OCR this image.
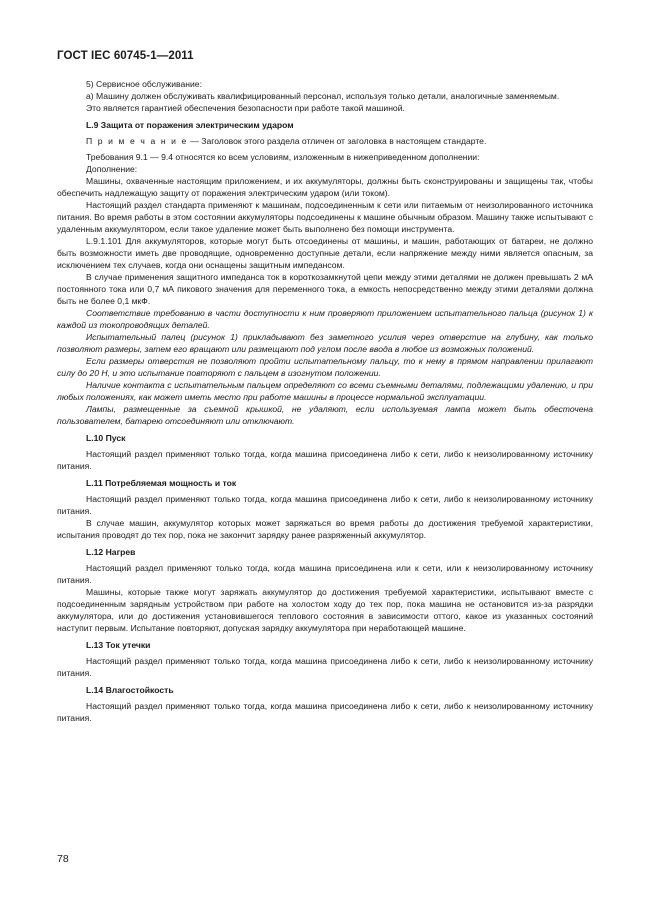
ГОСТ IEC 60745-1—2011

5) Сервисное обслуживание:

а) Машину должен обслуживать квалифицированный персонал, используя только детали, аналогичные заменяемым.

Это является гарантией обеспечения безопасности при работе такой машиной.

L.9 Защита от поражения электрическим ударом

П р и м е ч а н и е — Заголовок этого раздела отличен от заголовка в настоящем стандарте.

Требования 9.1 — 9.4 относятся ко всем условиям, изложенным в нижеприведенном дополнении:

Дополнение:

Машины, охваченные настоящим приложением, и их аккумуляторы, должны быть сконструированы и защищены так, чтобы обеспечить надлежащую защиту от поражения электрическим ударом (или током).

Настоящий раздел стандарта применяют к машинам, подсоединенным к сети или питаемым от неизолированного источника питания. Во время работы в этом состоянии аккумуляторы подсоединены к машине обычным образом. Машину также испытывают с удаленным аккумулятором, если такое удаление может быть выполнено без помощи инструмента.

L.9.1.101 Для аккумуляторов, которые могут быть отсоединены от машины, и машин, работающих от батареи, не должно быть возможности иметь две проводящие, одновременно доступные детали, если напряжение между ними является опасным, за исключением тех случаев, когда они оснащены защитным импедансом.

В случае применения защитного импеданса ток в короткозамкнутой цепи между этими деталями не должен превышать 2 мА постоянного тока или 0,7 мА пикового значения для переменного тока, а емкость непосредственно между этими деталями должна быть не более 0,1 мкФ.

Соответствие требованию в части доступности к ним проверяют приложением испытательного пальца (рисунок 1) к каждой из токопроводящих деталей.

Испытательный палец (рисунок 1) прикладывают без заметного усилия через отверстие на глубину, как только позволяют размеры, затем его вращают или размещают под углом после ввода в любое из возможных положений.

Если размеры отверстия не позволяют пройти испытательному пальцу, то к нему в прямом направлении прилагают силу до 20 Н, и это испытание повторяют с пальцем в изогнутом положении.

Наличие контакта с испытательным пальцем определяют со всеми съемными деталями, подлежащими удалению, и при любых положениях, как может иметь место при работе машины в процессе нормальной эксплуатации.

Лампы, размещенные за съемной крышкой, не удаляют, если используемая лампа может быть обесточена пользователем, батарею отсоединяют или отключают.

L.10 Пуск

Настоящий раздел применяют только тогда, когда машина присоединена либо к сети, либо к неизолированному источнику питания.

L.11 Потребляемая мощность и ток

Настоящий раздел применяют только тогда, когда машина присоединена либо к сети, либо к неизолированному источнику питания.

В случае машин, аккумулятор которых может заряжаться во время работы до достижения требуемой характеристики, испытания проводят до тех пор, пока не закончит зарядку ранее разряженный аккумулятор.

L.12 Нагрев

Настоящий раздел применяют только тогда, когда машина присоединена или к сети, или к неизолированному источнику питания.

Машины, которые также могут заряжать аккумулятор до достижения требуемой характеристики, испытывают вместе с подсоединенным зарядным устройством при работе на холостом ходу до тех пор, пока машина не остановится из-за разрядки аккумулятора, или до достижения установившегося теплового состояния в зависимости оттого, какое из указанных состояний наступит первым. Испытание повторяют, допуская зарядку аккумулятора при неработающей машине.

L.13 Ток утечки

Настоящий раздел применяют только тогда, когда машина присоединена либо к сети, либо к неизолированному источнику питания.

L.14 Влагостойкость

Настоящий раздел применяют только тогда, когда машина присоединена либо к сети, либо к неизолированному источнику питания.

78
